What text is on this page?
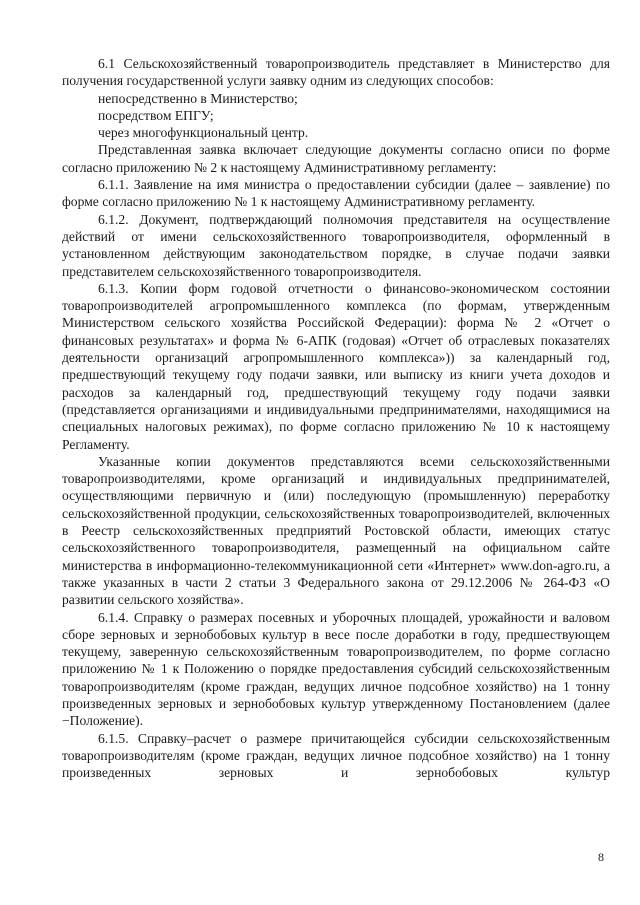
6.1 Сельскохозяйственный товаропроизводитель представляет в Министерство для получения государственной услуги заявку одним из следующих способов:

непосредственно в Министерство;

посредством ЕПГУ;

через многофункциональный центр.

Представленная заявка включает следующие документы согласно описи по форме согласно приложению № 2 к настоящему Административному регламенту:

6.1.1. Заявление на имя министра о предоставлении субсидии (далее – заявление) по форме согласно приложению № 1 к настоящему Административному регламенту.

6.1.2. Документ, подтверждающий полномочия представителя на осуществление действий от имени сельскохозяйственного товаропроизводителя, оформленный в установленном действующим законодательством порядке, в случае подачи заявки представителем сельскохозяйственного товаропроизводителя.

6.1.3. Копии форм годовой отчетности о финансово-экономическом состоянии товаропроизводителей агропромышленного комплекса (по формам, утвержденным Министерством сельского хозяйства Российской Федерации): форма № 2 «Отчет о финансовых результатах» и форма № 6-АПК (годовая) «Отчет об отраслевых показателях деятельности организаций агропромышленного комплекса»)) за календарный год, предшествующий текущему году подачи заявки, или выписку из книги учета доходов и расходов за календарный год, предшествующий текущему году подачи заявки (представляется организациями и индивидуальными предпринимателями, находящимися на специальных налоговых режимах), по форме согласно приложению № 10 к настоящему Регламенту.

Указанные копии документов представляются всеми сельскохозяйственными товаропроизводителями, кроме организаций и индивидуальных предпринимателей, осуществляющими первичную и (или) последующую (промышленную) переработку сельскохозяйственной продукции, сельскохозяйственных товаропроизводителей, включенных в Реестр сельскохозяйственных предприятий Ростовской области, имеющих статус сельскохозяйственного товаропроизводителя, размещенный на официальном сайте министерства в информационно-телекоммуникационной сети «Интернет» www.don-agro.ru, а также указанных в части 2 статьи 3 Федерального закона от 29.12.2006 № 264-ФЗ «О развитии сельского хозяйства».

6.1.4. Справку о размерах посевных и уборочных площадей, урожайности и валовом сборе зерновых и зернобобовых культур в весе после доработки в году, предшествующем текущему, заверенную сельскохозяйственным товаропроизводителем, по форме согласно приложению № 1 к Положению о порядке предоставления субсидий сельскохозяйственным товаропроизводителям (кроме граждан, ведущих личное подсобное хозяйство) на 1 тонну произведенных зерновых и зернобобовых культур утвержденному Постановлением (далее −Положение).

6.1.5. Справку–расчет о размере причитающейся субсидии сельскохозяйственным товаропроизводителям (кроме граждан, ведущих личное подсобное хозяйство) на 1 тонну произведенных зерновых и зернобобовых культур

8
